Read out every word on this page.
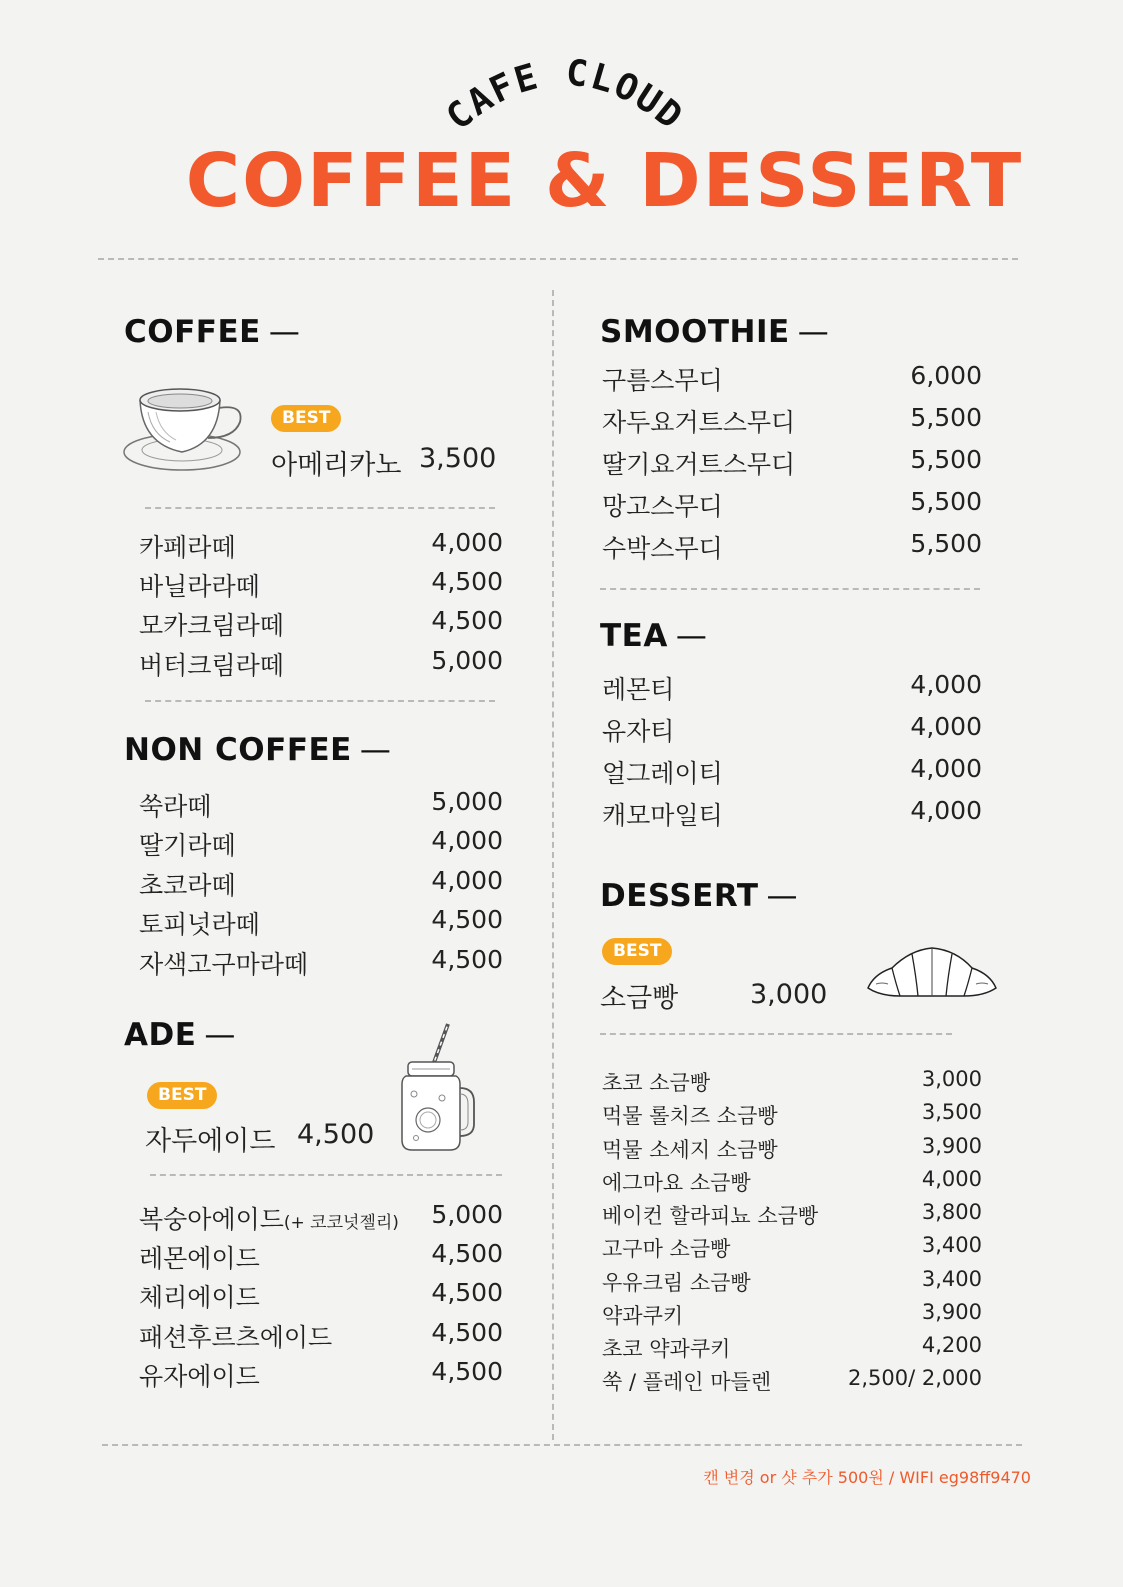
CAFE CLOUD
COFFEE & DESSERT
COFFEE —
BEST
아메리카노 3,500
카페라떼	4,000
바닐라라떼	4,500
모카크림라떼	4,500
버터크림라떼	5,000
NON COFFEE —
쑥라떼	5,000
딸기라떼	4,000
초코라떼	4,000
토피넛라떼	4,500
자색고구마라떼	4,500
ADE —
BEST
자두에이드 4,500
복숭아에이드(+ 코코넛젤리) 5,000
레몬에이드	4,500
체리에이드	4,500
패션후르츠에이드	4,500
유자에이드	4,500
SMOOTHIE —
구름스무디	6,000
자두요거트스무디	5,500
딸기요거트스무디	5,500
망고스무디	5,500
수박스무디	5,500
TEA —
레몬티	4,000
유자티	4,000
얼그레이티	4,000
캐모마일티	4,000
DESSERT —
BEST
소금빵	3,000
초코 소금빵	3,000
먹물 롤치즈 소금빵	3,500
먹물 소세지 소금빵	3,900
에그마요 소금빵	4,000
베이컨 할라피뇨 소금빵	3,800
고구마 소금빵	3,400
우유크림 소금빵	3,400
약과쿠키	3,900
초코 약과쿠키	4,200
쑥 / 플레인 마들렌	2,500/ 2,000
캔 변경 or 샷 추가 500원 / WIFI eg98ff9470
